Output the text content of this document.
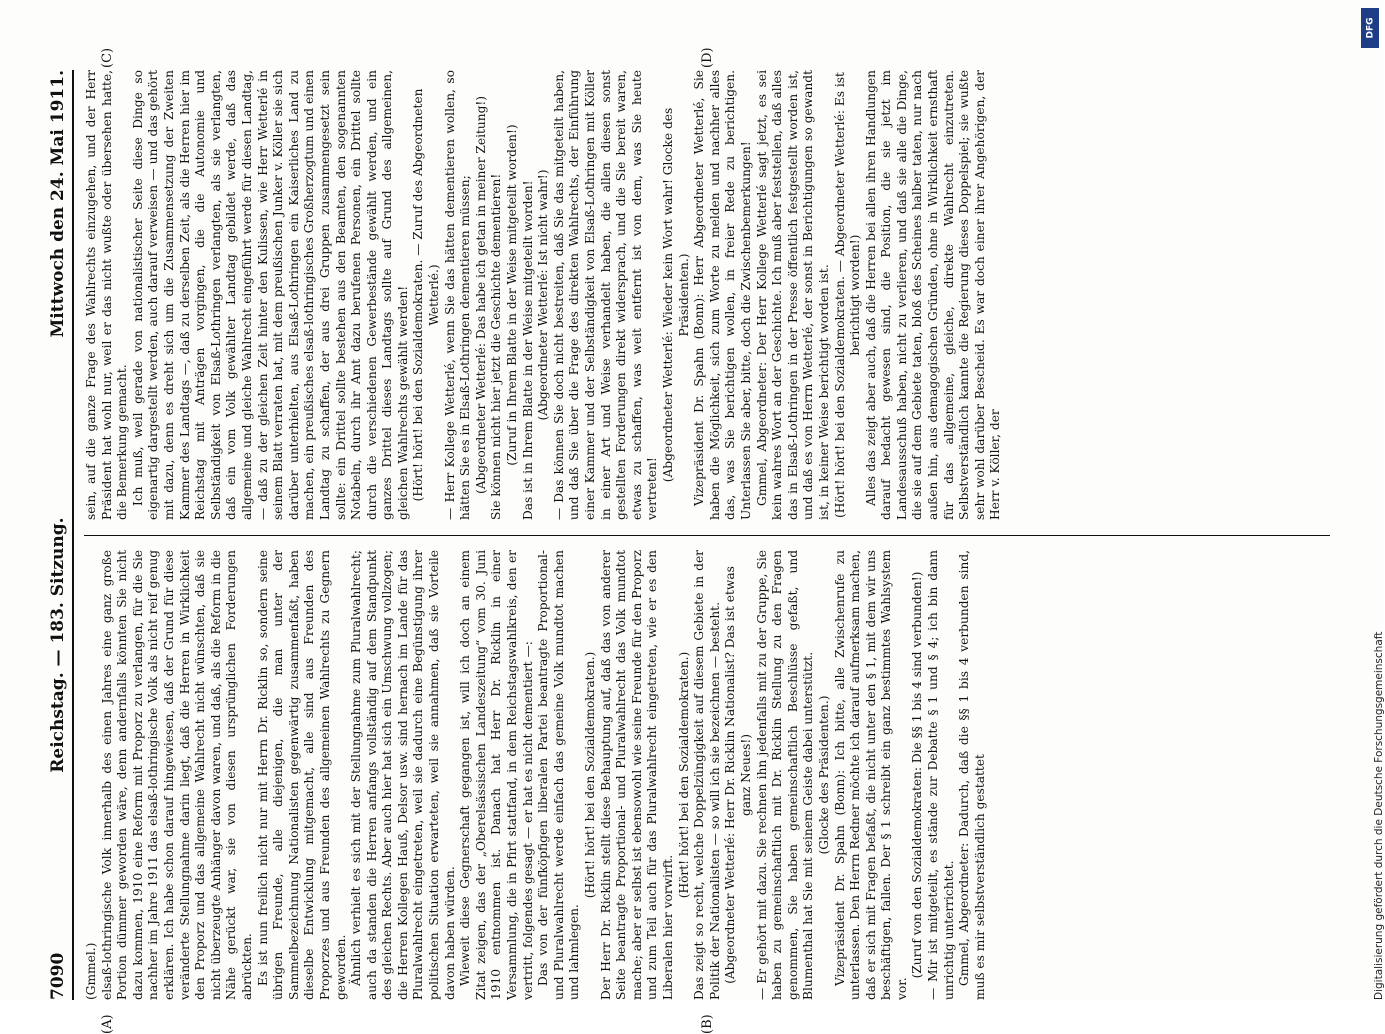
7090
Reichstag. — 183. Sitzung.
Mittwoch den 24. Mai 1911.

(Gmmel.) elsaß-lothringische Volk innerhalb des einen Jahres eine ganz große Portion dümmer geworden wäre, denn andernfalls könnten Sie nicht dazu kommen, 1910 eine Reform mit Proporz zu verlangen, für die Sie nachher im Jahre 1911 das elsaß-lothringische Volk als nicht reif genug erklären. Ich habe schon darauf hingewiesen, daß der Grund für diese veränderte Stellungnahme darin liegt, daß die Herren in Wirklichkeit den Proporz und das allgemeine Wahlrecht nicht wünschten, daß sie nicht überzeugte Anhänger davon waren, und daß, als die Reform in die Nähe gerückt war, sie von diesen ursprünglichen Forderungen abrückten. Es ist nun freilich nicht nur mit Herrn Dr. Ricklin so, sondern seine übrigen Freunde, alle diejenigen, die man unter der Sammelbezeichnung Nationalisten gegenwärtig zusammenfaßt, haben dieselbe Entwicklung mitgemacht, alle sind aus Freunden des Proporzes und aus Freunden des allgemeinen Wahlrechts zu Gegnern geworden. Ähnlich verhielt es sich mit der Stellungnahme zum Pluralwahlrecht; auch da standen die Herren anfangs vollständig auf dem Standpunkt des gleichen Rechts. Aber auch hier hat sich ein Umschwung vollzogen; die Herren Kollegen Hauß, Delsor usw. sind hernach im Lande für das Pluralwahlrecht eingetreten, weil sie dadurch eine Begünstigung ihrer politischen Situation erwarteten, weil sie annahmen, daß sie Vorteile davon haben würden. Wieweit diese Gegnerschaft gegangen ist, will ich doch an einem Zitat zeigen, das der „Oberelsässischen Landeszeitung“ vom 30. Juni 1910 entnommen ist. Danach hat Herr Dr. Ricklin in einer Versammlung, die in Pfirt stattfand, in dem Reichstagswahlkreis, den er vertritt, folgendes gesagt — er hat es nicht dementiert —: Das von der fünfköpfigen liberalen Partei beantragte Proportional- und Pluralwahlrecht werde einfach das gemeine Volk mundtot machen und lahmlegen.

(Hört! hört! bei den Sozialdemokraten.) Der Herr Dr. Ricklin stellt diese Behauptung auf, daß das von anderer Seite beantragte Proportional- und Pluralwahlrecht das Volk mundtot mache; aber er selbst ist ebensowohl wie seine Freunde für den Proporz und zum Teil auch für das Pluralwahlrecht eingetreten, wie er es den Liberalen hier vorwirft.

(Hört! hört! bei den Sozialdemokraten.) Das zeigt so recht, welche Doppelzüngigkeit auf diesem Gebiete in der Politik der Nationalisten — so will ich sie bezeichnen — besteht. (Abgeordneter Wetterlé: Herr Dr. Ricklin Nationalist? Das ist etwas ganz Neues!) — Er gehört mit dazu. Sie rechnen ihn jedenfalls mit zu der Gruppe, Sie haben zu gemeinschaftlich mit Dr. Ricklin Stellung zu den Fragen genommen, Sie haben gemeinschaftlich Beschlüsse gefaßt, und Blumenthal hat Sie mit seinem Geiste dabei unterstützt. (Glocke des Präsidenten.) Vizepräsident Dr. Spahn (Bonn): Ich bitte, alle Zwischenrufe zu unterlassen. Den Herrn Redner möchte ich darauf aufmerksam machen, daß er sich mit Fragen befaßt, die nicht unter den § 1, mit dem wir uns beschäftigen, fallen. Der § 1 schreibt ein ganz bestimmtes Wahlsystem vor.

(Zuruf von den Sozialdemokraten: Die §§ 1 bis 4 sind verbunden!) — Mir ist mitgeteilt, es stände zur Debatte § 1 und § 4; ich bin dann unrichtig unterrichtet. Gmmel, Abgeordneter: Dadurch, daß die §§ 1 bis 4 verbunden sind, muß es mir selbstverständlich gestattet

sein, auf die ganze Frage des Wahlrechts einzugehen, und der Herr Präsident hat wohl nur, weil er das nicht wußte oder übersehen hatte, die Bemerkung gemacht. Ich muß, weil gerade von nationalistischer Seite diese Dinge so eigenartig dargestellt werden, auch darauf verweisen — und das gehört mit dazu, denn es dreht sich um die Zusammensetzung der Zweiten Kammer des Landtags —, daß zu derselben Zeit, als die Herren hier im Reichstag mit Anträgen vorgingen, die die Autonomie und Selbständigkeit von Elsaß-Lothringen verlangten, als sie verlangten, daß ein vom Volk gewählter Landtag gebildet werde, daß das allgemeine und gleiche Wahlrecht eingeführt werde für diesen Landtag, — daß zu der gleichen Zeit hinter den Kulissen, wie Herr Wetterlé in seinem Blatt verraten hat, mit dem preußischen Junker v. Köller sie sich darüber unterhielten, aus Elsaß-Lothringen ein Kaiserliches Land zu machen, ein preußisches elsaß-lothringisches Großherzogtum und einen Landtag zu schaffen, der aus drei Gruppen zusammengesetzt sein sollte: ein Drittel sollte bestehen aus den Beamten, den sogenannten Notabeln, durch ihr Amt dazu berufenen Personen, ein Drittel sollte durch die verschiedenen Gewerbestände gewählt werden, und ein ganzes Drittel dieses Landtags sollte auf Grund des allgemeinen, gleichen Wahlrechts gewählt werden! (Hört! hört! bei den Sozialdemokraten. — Zuruf des Abgeordneten Wetterlé.) — Herr Kollege Wetterlé, wenn Sie das hätten dementieren wollen, so hätten Sie es in Elsaß-Lothringen dementieren müssen; (Abgeordneter Wetterlé: Das habe ich getan in meiner Zeitung!) Sie können nicht hier jetzt die Geschichte dementieren! (Zuruf in Ihrem Blatte in der Weise mitgeteilt worden!) Das ist in Ihrem Blatte in der Weise mitgeteilt worden! (Abgeordneter Wetterlé: Ist nicht wahr!) — Das können Sie doch nicht bestreiten, daß Sie das mitgeteilt haben, und daß Sie über die Frage des direkten Wahlrechts, der Einführung einer Kammer und der Selbständigkeit von Elsaß-Lothringen mit Köller in einer Art und Weise verhandelt haben, die allen diesen sonst gestellten Forderungen direkt widersprach, und die Sie bereit waren, etwas zu schaffen, was weit entfernt ist von dem, was Sie heute vertreten!

(Abgeordneter Wetterlé: Wieder kein Wort wahr! Glocke des Präsidenten.) Vizepräsident Dr. Spahn (Bonn): Herr Abgeordneter Wetterlé, Sie haben die Möglichkeit, sich zum Worte zu melden und nachher alles das, was Sie berichtigen wollen, in freier Rede zu berichtigen. Unterlassen Sie aber, bitte, doch die Zwischenbemerkungen! Gmmel, Abgeordneter: Der Herr Kollege Wetterlé sagt jetzt, es sei kein wahres Wort an der Geschichte. Ich muß aber feststellen, daß alles das in Elsaß-Lothringen in der Presse öffentlich festgestellt worden ist, und daß es von Herrn Wetterlé, der sonst in Berichtigungen so gewandt ist, in keiner Weise berichtigt worden ist. (Hört! hört! bei den Sozialdemokraten. — Abgeordneter Wetterlé: Es ist berichtigt worden!) Alles das zeigt aber auch, daß die Herren bei allen ihren Handlungen darauf bedacht gewesen sind, die Position, die sie jetzt im Landesausschuß haben, nicht zu verlieren, und daß sie alle die Dinge, die sie auf dem Gebiete taten, bloß des Scheines halber taten, nur nach außen hin, aus demagogischen Gründen, ohne in Wirklichkeit ernsthaft für das allgemeine, gleiche, direkte Wahlrecht einzutreten. Selbstverständlich kannte die Regierung dieses Doppelspiel; sie wußte sehr wohl darüber Bescheid. Es war doch einer ihrer Angehörigen, der Herr v. Köller, der

(A)	(B)
(C)	(D)
DFG
Digitalisierung gefördert durch die Deutsche Forschungsgemeinschaft
